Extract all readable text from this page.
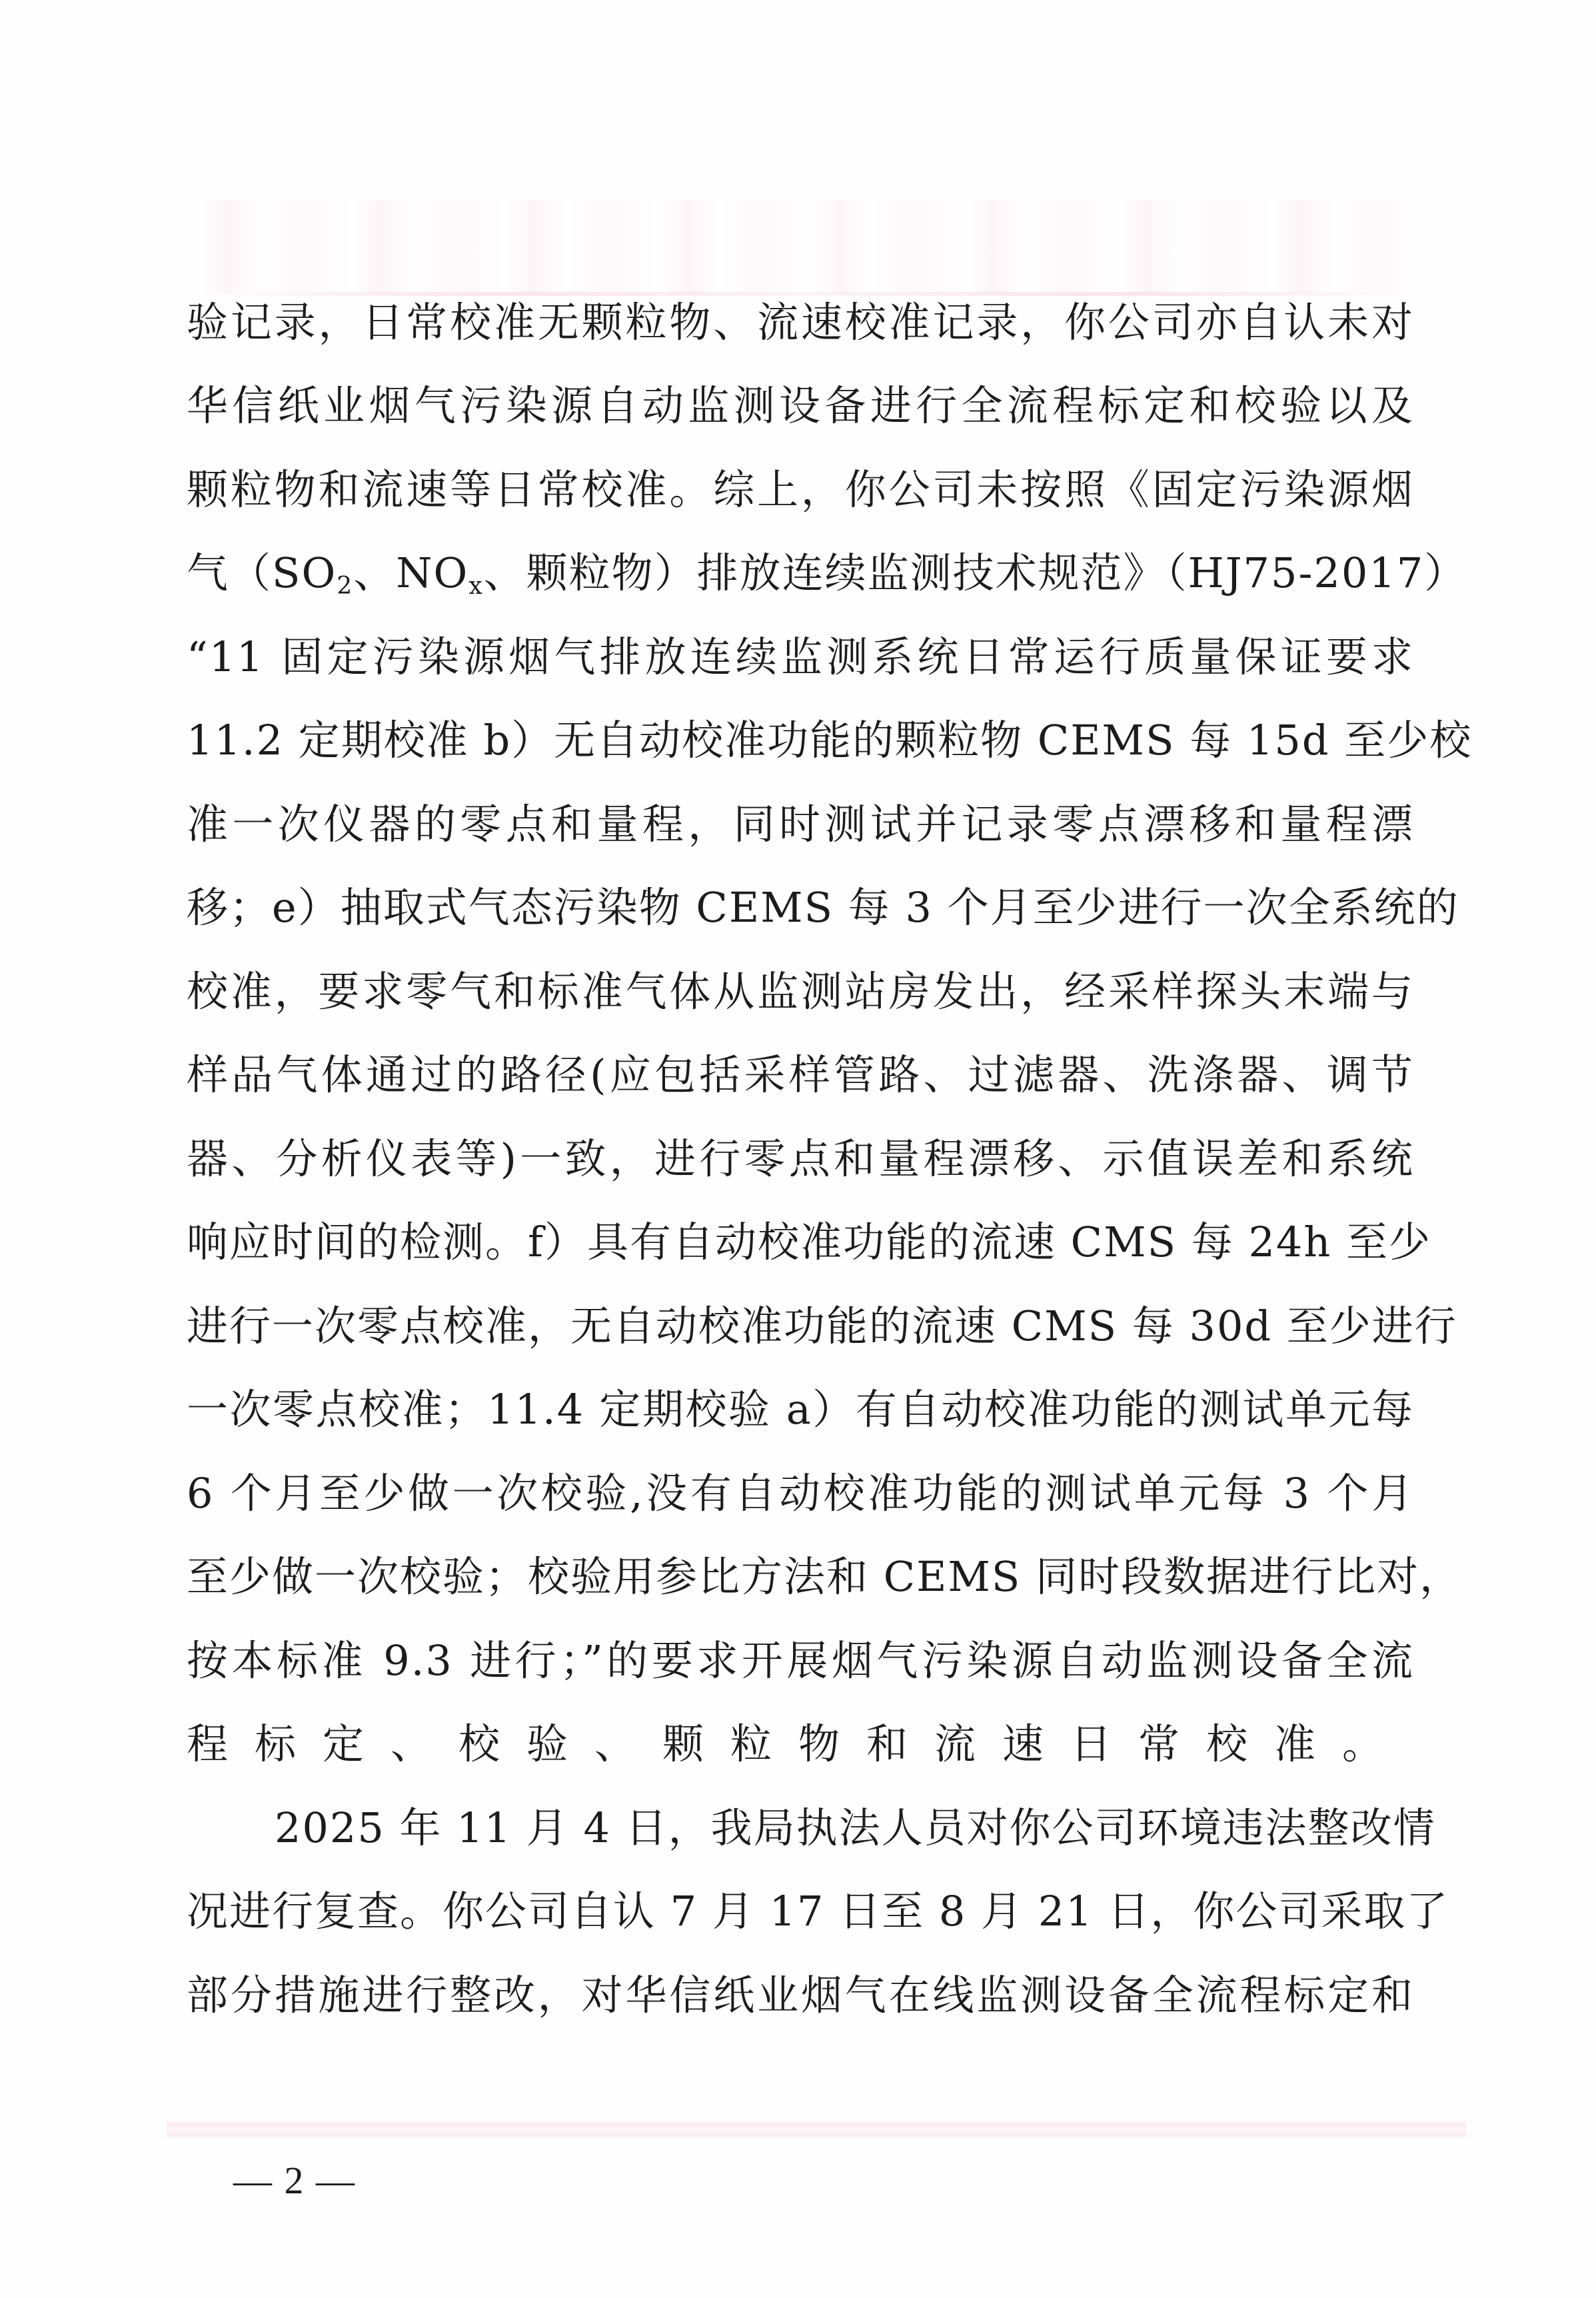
验记录，日常校准无颗粒物、流速校准记录，你公司亦自认未对
华信纸业烟气污染源自动监测设备进行全流程标定和校验以及
颗粒物和流速等日常校准。综上，你公司未按照《固定污染源烟
气（$SO_2$、$NO_x$、颗粒物）排放连续监测技术规范》（HJ75-2017）
“11 固定污染源烟气排放连续监测系统日常运行质量保证要求
11.2 定期校准 b）无自动校准功能的颗粒物 CEMS 每 15d 至少校
准一次仪器的零点和量程，同时测试并记录零点漂移和量程漂
移；e）抽取式气态污染物 CEMS 每 3 个月至少进行一次全系统的
校准，要求零气和标准气体从监测站房发出，经采样探头末端与
样品气体通过的路径(应包括采样管路、过滤器、洗涤器、调节
器、分析仪表等)一致，进行零点和量程漂移、示值误差和系统
响应时间的检测。f）具有自动校准功能的流速 CMS 每 24h 至少
进行一次零点校准，无自动校准功能的流速 CMS 每 30d 至少进行
一次零点校准；11.4 定期校验 a）有自动校准功能的测试单元每
6 个月至少做一次校验,没有自动校准功能的测试单元每 3 个月
至少做一次校验；校验用参比方法和 CEMS 同时段数据进行比对，
按本标准 9.3 进行；”的要求开展烟气污染源自动监测设备全流
程标定、校验、颗粒物和流速日常校准。
2025 年 11 月 4 日，我局执法人员对你公司环境违法整改情
况进行复查。你公司自认 7 月 17 日至 8 月 21 日，你公司采取了
部分措施进行整改，对华信纸业烟气在线监测设备全流程标定和
— 2 —
